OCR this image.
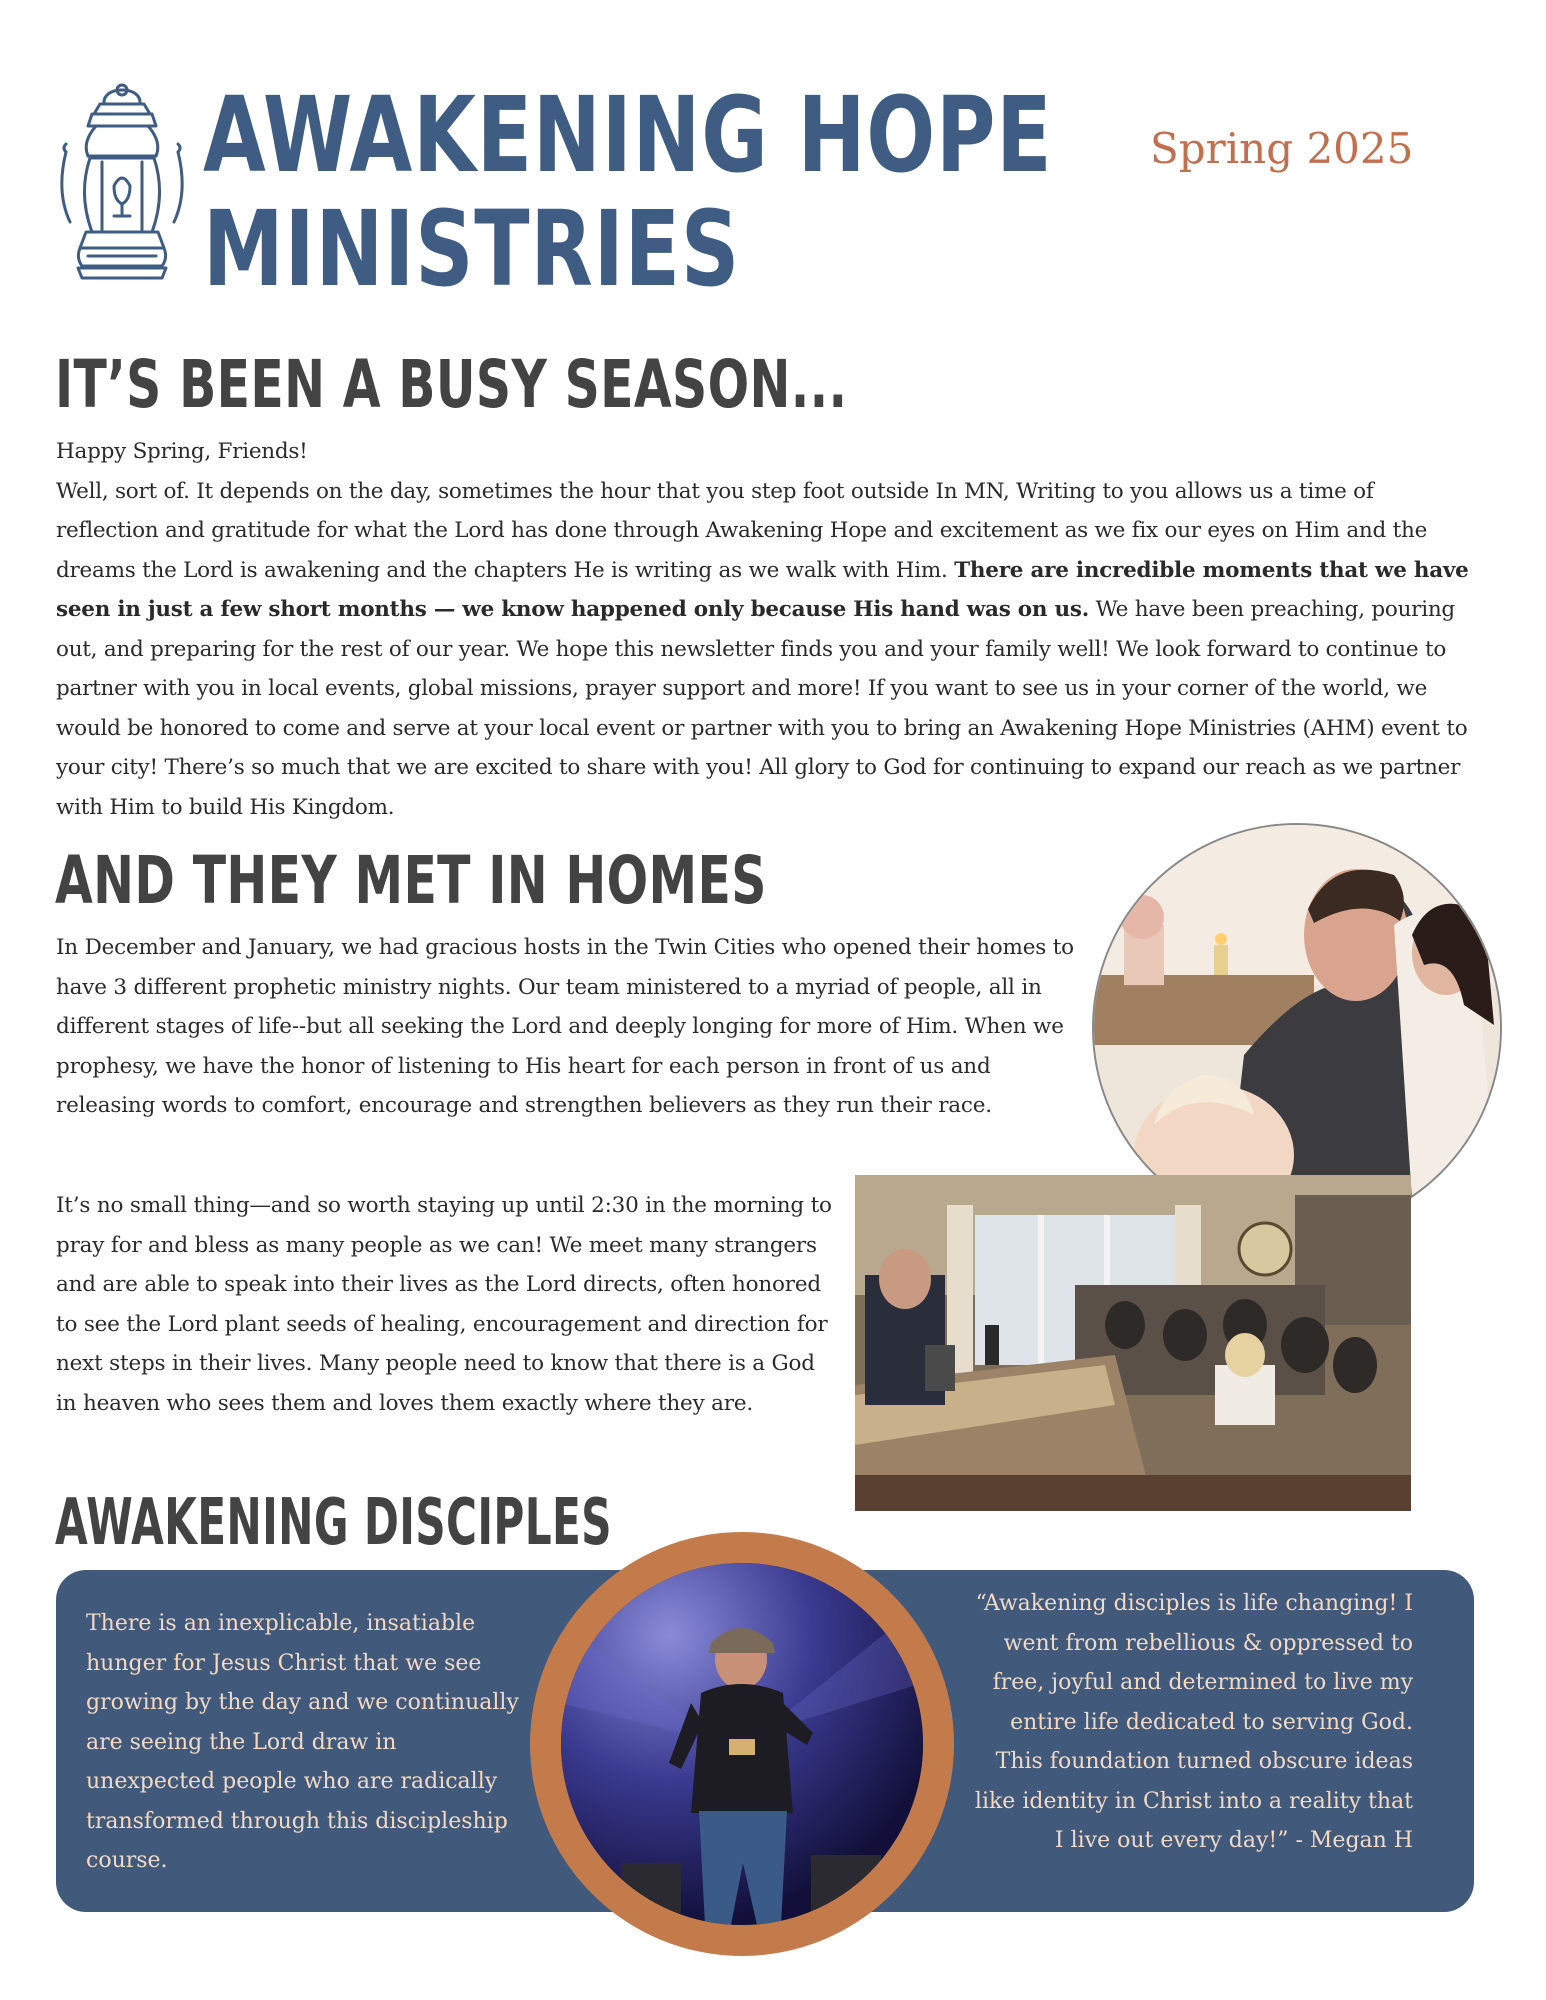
AWAKENING HOPE
MINISTRIES
Spring 2025
IT’S BEEN A BUSY SEASON...

Happy Spring, Friends!

Well, sort of. It depends on the day, sometimes the hour that you step foot outside In MN, Writing to you allows us a time of reflection and gratitude for what the Lord has done through Awakening Hope and excitement as we fix our eyes on Him and the dreams the Lord is awakening and the chapters He is writing as we walk with Him. There are incredible moments that we have seen in just a few short months — we know happened only because His hand was on us. We have been preaching, pouring out, and preparing for the rest of our year. We hope this newsletter finds you and your family well! We look forward to continue to partner with you in local events, global missions, prayer support and more! If you want to see us in your corner of the world, we would be honored to come and serve at your local event or partner with you to bring an Awakening Hope Ministries (AHM) event to your city! There’s so much that we are excited to share with you! All glory to God for continuing to expand our reach as we partner with Him to build His Kingdom.

AND THEY MET IN HOMES
In December and January, we had gracious hosts in the Twin Cities who opened their homes to have 3 different prophetic ministry nights. Our team ministered to a myriad of people, all in different stages of life--but all seeking the Lord and deeply longing for more of Him. When we prophesy, we have the honor of listening to His heart for each person in front of us and releasing words to comfort, encourage and strengthen believers as they run their race.
It’s no small thing—and so worth staying up until 2:30 in the morning to pray for and bless as many people as we can! We meet many strangers and are able to speak into their lives as the Lord directs, often honored to see the Lord plant seeds of healing, encouragement and direction for next steps in their lives. Many people need to know that there is a God in heaven who sees them and loves them exactly where they are.
AWAKENING DISCIPLES
There is an inexplicable, insatiable hunger for Jesus Christ that we see growing by the day and we continually are seeing the Lord draw in unexpected people who are radically transformed through this discipleship course.
“Awakening disciples is life changing! I went from rebellious & oppressed to free, joyful and determined to live my entire life dedicated to serving God. This foundation turned obscure ideas like identity in Christ into a reality that I live out every day!” - Megan H
